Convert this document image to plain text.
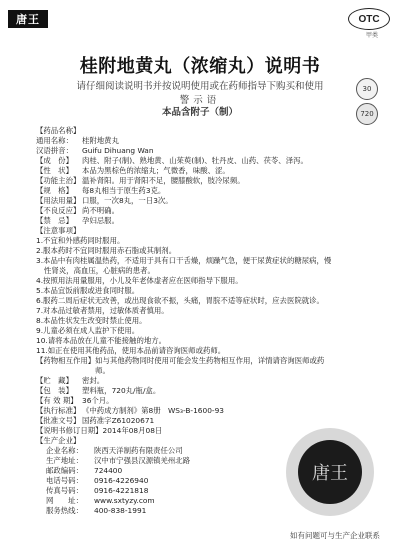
唐王	OTC
甲类
桂附地黄丸（浓缩丸）说明书
请仔细阅读说明书并按说明使用或在药师指导下购买和使用
警示语
本品含附子（制）
30
720
【药品名称】
通用名称：	桂附地黄丸
汉语拼音：	Guifu Dihuang Wan
【成　份】	肉桂、附子(制)、熟地黄、山茱萸(制)、牡丹皮、山药、茯苓、泽泻。
【性　状】	本品为黑棕色的浓缩丸；气微香，味酸、涩。
【功能主治】 温补肾阳。用于肾阳不足，腰膝酸软，肢冷尿频。
【规　格】	每8丸相当于原生药3克。
【用法用量】 口服，一次8丸，一日3次。
【不良反应】 尚不明确。
【禁　忌】	孕妇忌服。
【注意事项】
1.不宜和外感药同时服用。
2.服本药时不宜同时服用赤石脂或其制剂。
3.本品中有肉桂属温热药，不适用于具有口干舌燥，烦躁气急，便干尿黄症状的糖尿病，慢性肾炎，高血压，心脏病的患者。
4.按照用法用量服用，小儿及年老体虚者应在医师指导下服用。
5.本品宜饭前服或进食同时服。
6.服药二周后症状无改善，或出现食欲不振，头痛，胃脘不适等症状时，应去医院就诊。
7.对本品过敏者禁用，过敏体质者慎用。
8.本品性状发生改变时禁止使用。
9.儿童必须在成人监护下使用。
10.请将本品放在儿童不能接触的地方。
11.如正在使用其他药品，使用本品前请咨询医师或药师。
【药物相互作用】 如与其他药物同时使用可能会发生药物相互作用，详情请咨询医师或药师。
【贮　藏】	密封。
【包　装】	塑料瓶，720丸/瓶/盒。
【有 效 期】 36个月。
【执行标准】 《中药成方制剂》第8册　WS₃-B-1600-93
【批准文号】 国药准字Z61020671
【说明书修订日期】 2014年08月08日
【生产企业】
企业名称：	陕西天洋制药有限责任公司
生产地址：	汉中市宁强县汉源镇羌州北路
邮政编码：	724400
电话号码：	0916-4226940
传真号码：	0916-4221818
网　　址：	www.sxtyzy.com
服务热线：	400-838-1991
唐王
如有问题可与生产企业联系
